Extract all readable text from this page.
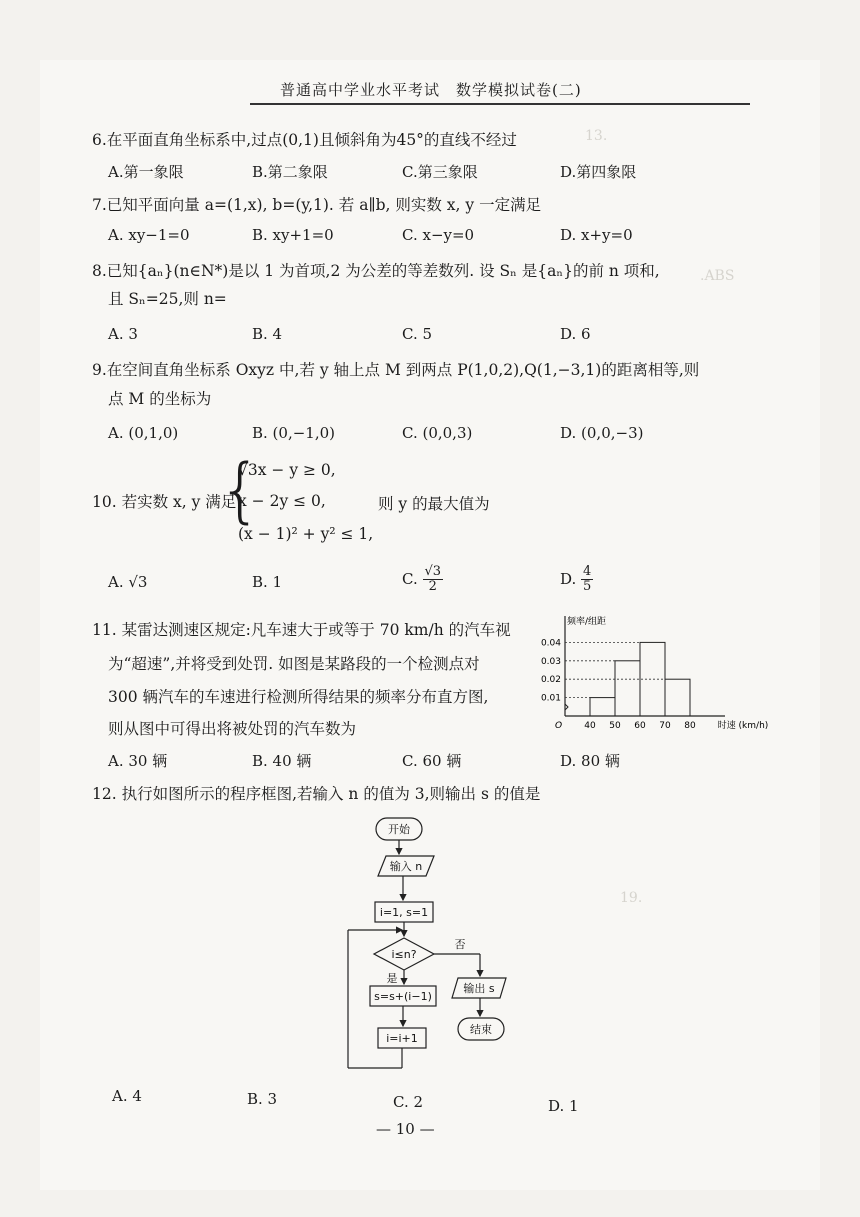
普通高中学业水平考试　数学模拟试卷(二)
13.
.ABS
19.
6.在平面直角坐标系中,过点(0,1)且倾斜角为45°的直线不经过
A.第一象限	B.第二象限	C.第三象限	D.第四象限
7.已知平面向量 a=(1,x), b=(y,1). 若 a∥b, 则实数 x, y 一定满足
A. xy−1=0	B. xy+1=0	C. x−y=0	D. x+y=0
8.已知{aₙ}(n∈N*)是以 1 为首项,2 为公差的等差数列. 设 Sₙ 是{aₙ}的前 n 项和,
且 Sₙ=25,则 n=
A. 3	B. 4	C. 5	D. 6
9.在空间直角坐标系 Oxyz 中,若 y 轴上点 M 到两点 P(1,0,2),Q(1,−3,1)的距离相等,则
点 M 的坐标为
A. (0,1,0)	B. (0,−1,0)	C. (0,0,3)	D. (0,0,−3)
10. 若实数 x, y 满足
{
√3x − y ≥ 0,
x − 2y ≤ 0,
(x − 1)² + y² ≤ 1,
则 y 的最大值为
A. √3	B. 1	C. $\frac{√3}{2}$	D. $\frac{4}{5}$
11. 某雷达测速区规定:凡车速大于或等于 70 km/h 的汽车视
为“超速”,并将受到处罚. 如图是某路段的一个检测点对
300 辆汽车的车速进行检测所得结果的频率分布直方图,
则从图中可得出将被处罚的汽车数为
A. 30 辆	B. 40 辆	C. 60 辆	D. 80 辆
0.04
0.03
0.02
0.01
40 50 60 70 80
O
频率/组距
时速 (km/h)
12. 执行如图所示的程序框图,若输入 n 的值为 3,则输出 s 的值是
开始
输入 n
i=1, s=1
i≤n?
否
是
s=s+(i−1)
i=i+1
输出 s
结束
A. 4	B. 3	C. 2	D. 1
— 10 —
